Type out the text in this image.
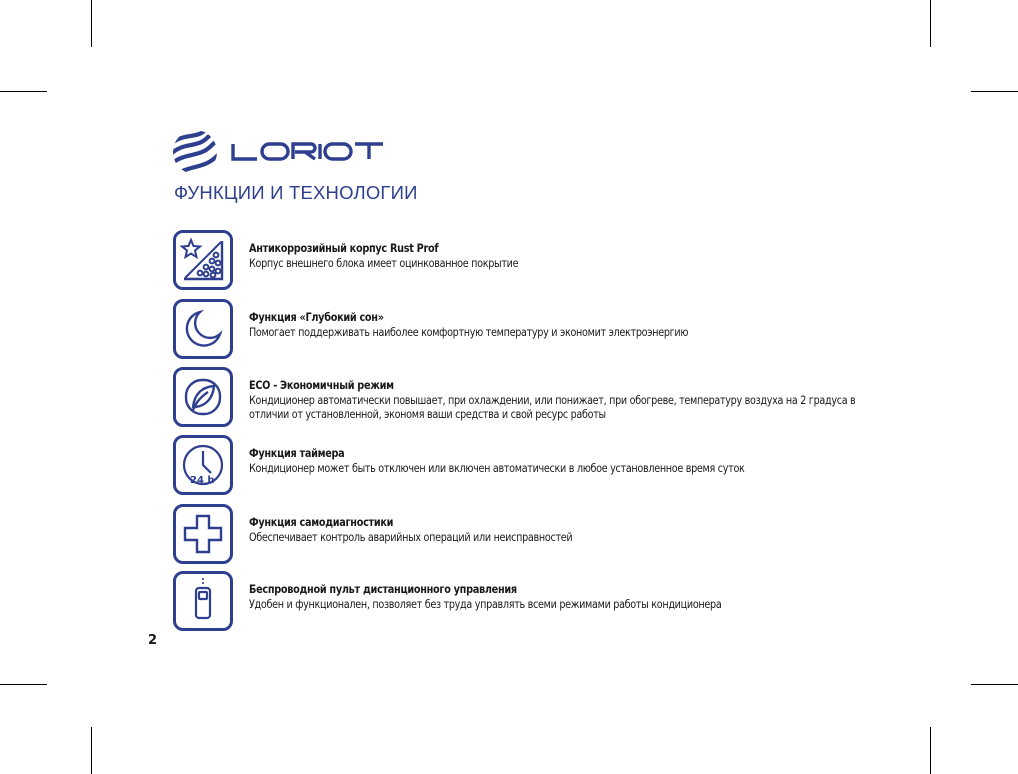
ФУНКЦИИ И ТЕХНОЛОГИИ
Антикоррозийный корпус Rust Prof
Корпус внешнего блока имеет оцинкованное покрытие
Функция «Глубокий сон»
Помогает поддерживать наиболее комфортную температуру и экономит электроэнергию
ECO - Экономичный режим
Кондиционер автоматически повышает, при охлаждении, или понижает, при обогреве, температуру воздуха на 2 градуса в отличии от установленной, экономя ваши средства и свой ресурс работы
24 h
Функция таймера
Кондиционер может быть отключен или включен автоматически в любое установленное время суток
Функция самодиагностики
Обеспечивает контроль аварийных операций или неисправностей
Беспроводной пульт дистанционного управления
Удобен и функционален, позволяет без труда управлять всеми режимами работы кондиционера
2
